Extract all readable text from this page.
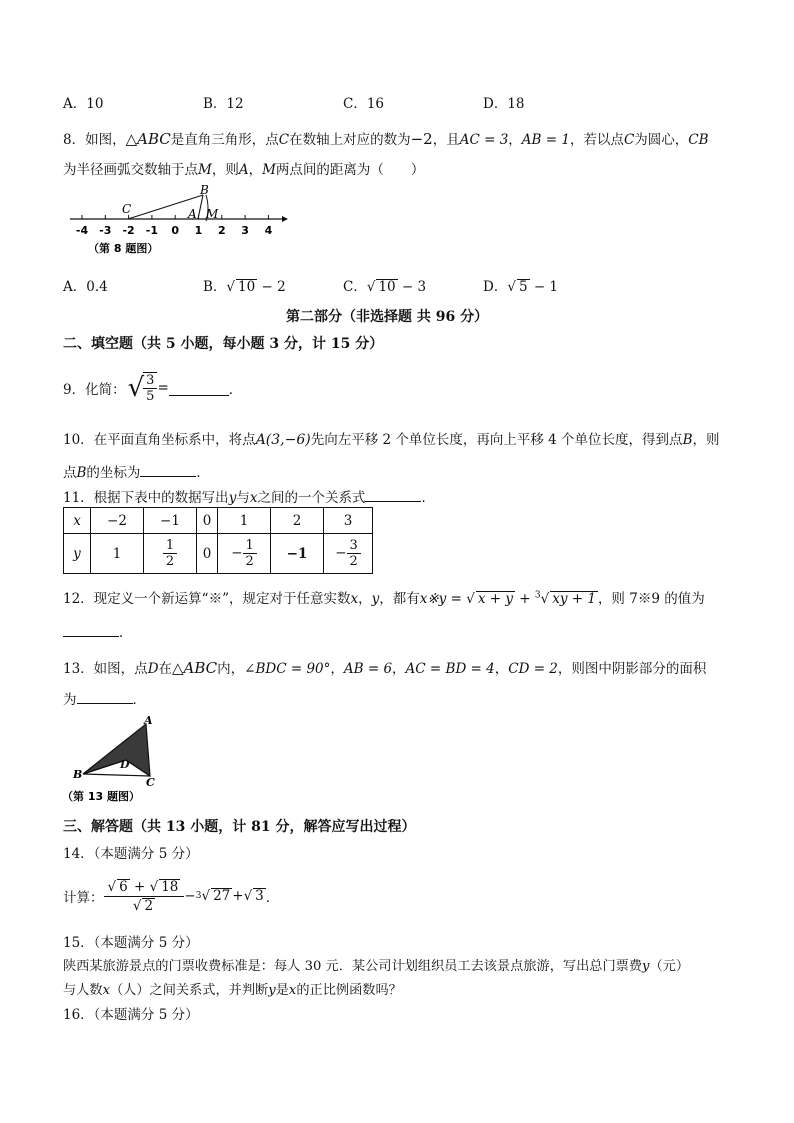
A．10	B．12	C．16	D．18
8．如图，△ABC是直角三角形，点C在数轴上对应的数为−2，且AC = 3，AB = 1，若以点C为圆心，CB
为半径画弧交数轴于点M，则A，M两点间的距离为（　　）
-4 -3 -2 -1 0 1 2 3 4
C
B
A M
（第 8 题图）
A．0.4	B．√ 10 − 2	C．√ 10 − 3	D．√ 5 − 1
第二部分（非选择题 共 96 分）
二、填空题（共 5 小题，每小题 3 分，计 15 分）
9．化简： √ $\frac{3}{5}$ =	．
10．在平面直角坐标系中，将点A(3,−6)先向左平移 2 个单位长度，再向上平移 4 个单位长度，得到点B，则
点B的坐标为	．
11．根据下表中的数据写出y与x之间的一个关系式	．
x	−2	−1	0	1	2	3
y	1	$\frac{1}{2}$	0	− $\frac{1}{2}$	−1	− $\frac{3}{2}$
12．现定义一个新运算“※”，规定对于任意实数x，y，都有x※y = √ x + y + $^3$√ xy + 1 ，则 7※9 的值为
．
13．如图，点D在△ABC内，∠BDC = 90°，AB = 6，AC = BD = 4，CD = 2，则图中阴影部分的面积
为	．
A
B
C
D
（第 13 题图）
三、解答题（共 13 小题，计 81 分，解答应写出过程）
14．（本题满分 5 分）
计算： $\frac{√ 6 + √ 18}{√ 2} - 3$ √ 27 + √ 3 ．
15．（本题满分 5 分）
陕西某旅游景点的门票收费标准是：每人 30 元．某公司计划组织员工去该景点旅游，写出总门票费y（元）
与人数x（人）之间关系式，并判断y是x的正比例函数吗？
16．（本题满分 5 分）
